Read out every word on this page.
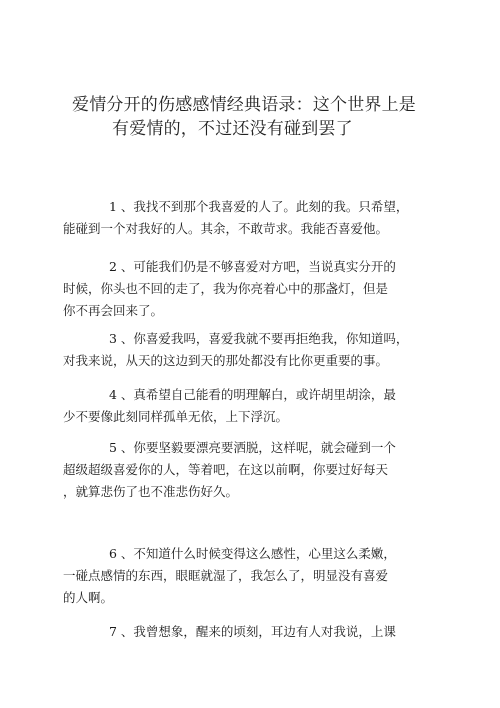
爱情分开的伤感感情经典语录：这个世界上是
有爱情的，不过还没有碰到罢了
1 、我找不到那个我喜爱的人了。此刻的我。只希望，
能碰到一个对我好的人。其余，不敢苛求。我能否喜爱他。
2 、可能我们仍是不够喜爱对方吧，当说真实分开的
时候，你头也不回的走了，我为你亮着心中的那盏灯，但是
你不再会回来了。
3 、你喜爱我吗，喜爱我就不要再拒绝我，你知道吗，
对我来说，从天的这边到天的那处都没有比你更重要的事。
4 、真希望自己能看的明理解白，或许胡里胡涂，最
少不要像此刻同样孤单无依，上下浮沉。
5 、你要坚毅要漂亮要洒脱，这样呢，就会碰到一个
超级超级喜爱你的人，等着吧，在这以前啊，你要过好每天
，就算悲伤了也不准悲伤好久。
6 、不知道什么时候变得这么感性，心里这么柔嫩，
一碰点感情的东西，眼眶就湿了，我怎么了，明显没有喜爱
的人啊。
7 、我曾想象，醒来的顷刻，耳边有人对我说，上课
